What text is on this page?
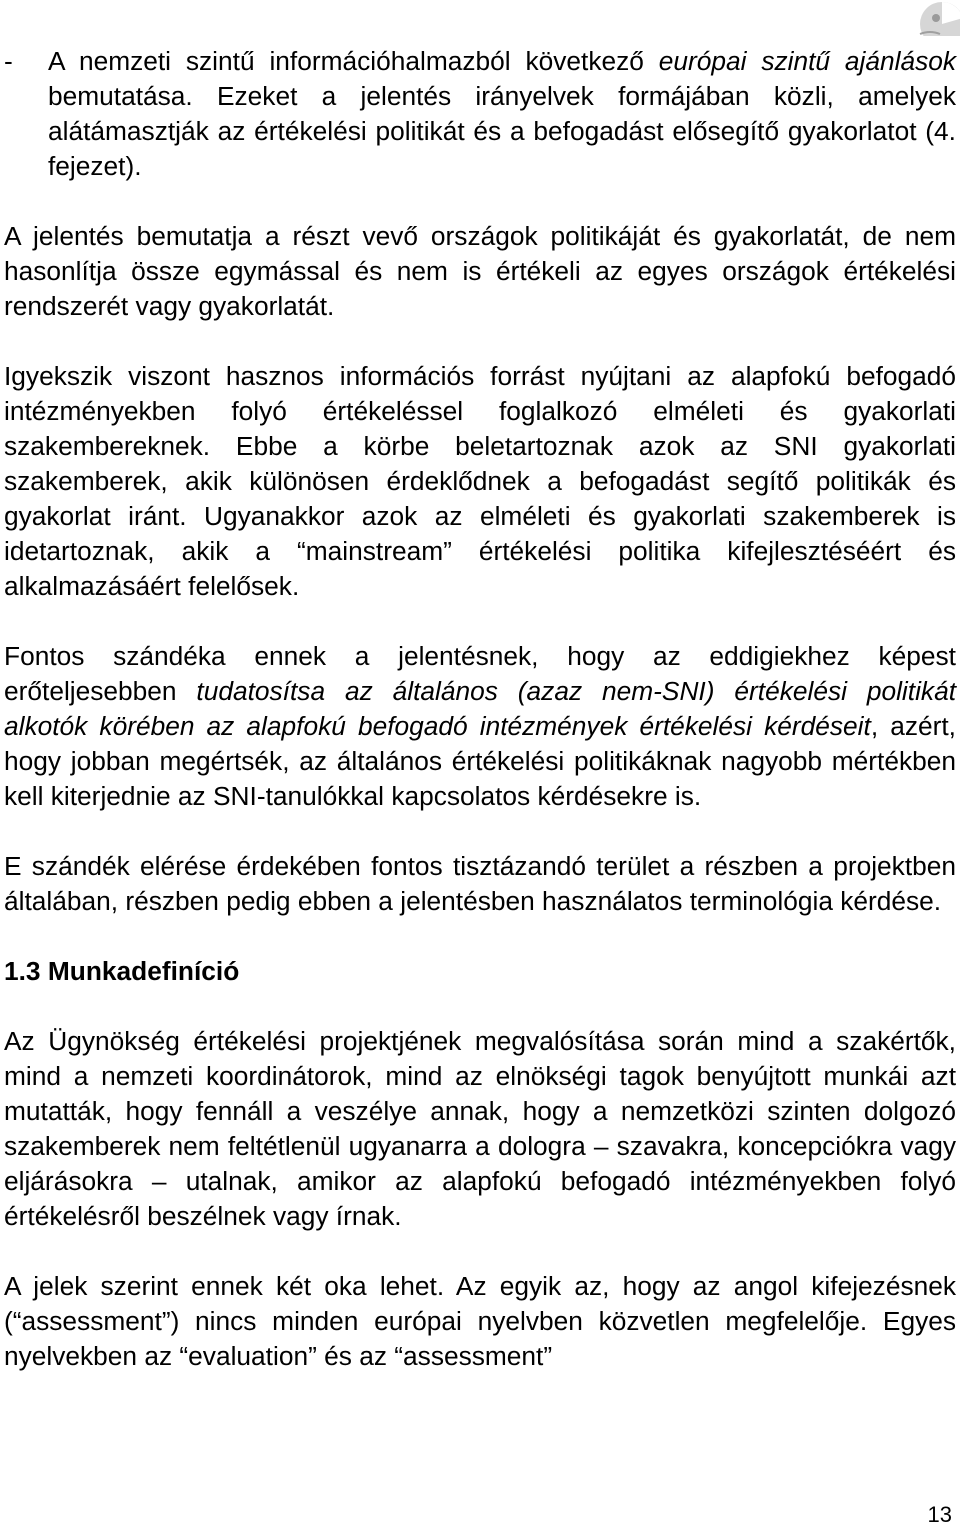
- A nemzeti szintű információhalmazból következő európai szintű ajánlások bemutatása. Ezeket a jelentés irányelvek formájában közli, amelyek alátámasztják az értékelési politikát és a befogadást elősegítő gyakorlatot (4. fejezet).

A jelentés bemutatja a részt vevő országok politikáját és gyakorlatát, de nem hasonlítja össze egymással és nem is értékeli az egyes országok értékelési rendszerét vagy gyakorlatát.

Igyekszik viszont hasznos információs forrást nyújtani az alapfokú befogadó intézményekben folyó értékeléssel foglalkozó elméleti és gyakorlati szakembereknek. Ebbe a körbe beletartoznak azok az SNI gyakorlati szakemberek, akik különösen érdeklődnek a befogadást segítő politikák és gyakorlat iránt. Ugyanakkor azok az elméleti és gyakorlati szakemberek is idetartoznak, akik a “mainstream” értékelési politika kifejlesztéséért és alkalmazásáért felelősek.

Fontos szándéka ennek a jelentésnek, hogy az eddigiekhez képest erőteljesebben tudatosítsa az általános (azaz nem-SNI) értékelési politikát alkotók körében az alapfokú befogadó intézmények értékelési kérdéseit, azért, hogy jobban megértsék, az általános értékelési politikáknak nagyobb mértékben kell kiterjednie az SNI-tanulókkal kapcsolatos kérdésekre is.

E szándék elérése érdekében fontos tisztázandó terület a részben a projektben általában, részben pedig ebben a jelentésben használatos terminológia kérdése.

1.3 Munkadefiníció

Az Ügynökség értékelési projektjének megvalósítása során mind a szakértők, mind a nemzeti koordinátorok, mind az elnökségi tagok benyújtott munkái azt mutatták, hogy fennáll a veszélye annak, hogy a nemzetközi szinten dolgozó szakemberek nem feltétlenül ugyanarra a dologra – szavakra, koncepciókra vagy eljárásokra – utalnak, amikor az alapfokú befogadó intézményekben folyó értékelésről beszélnek vagy írnak.

A jelek szerint ennek két oka lehet. Az egyik az, hogy az angol kifejezésnek (“assessment”) nincs minden európai nyelvben közvetlen megfelelője. Egyes nyelvekben az “evaluation” és az “assessment”

13
